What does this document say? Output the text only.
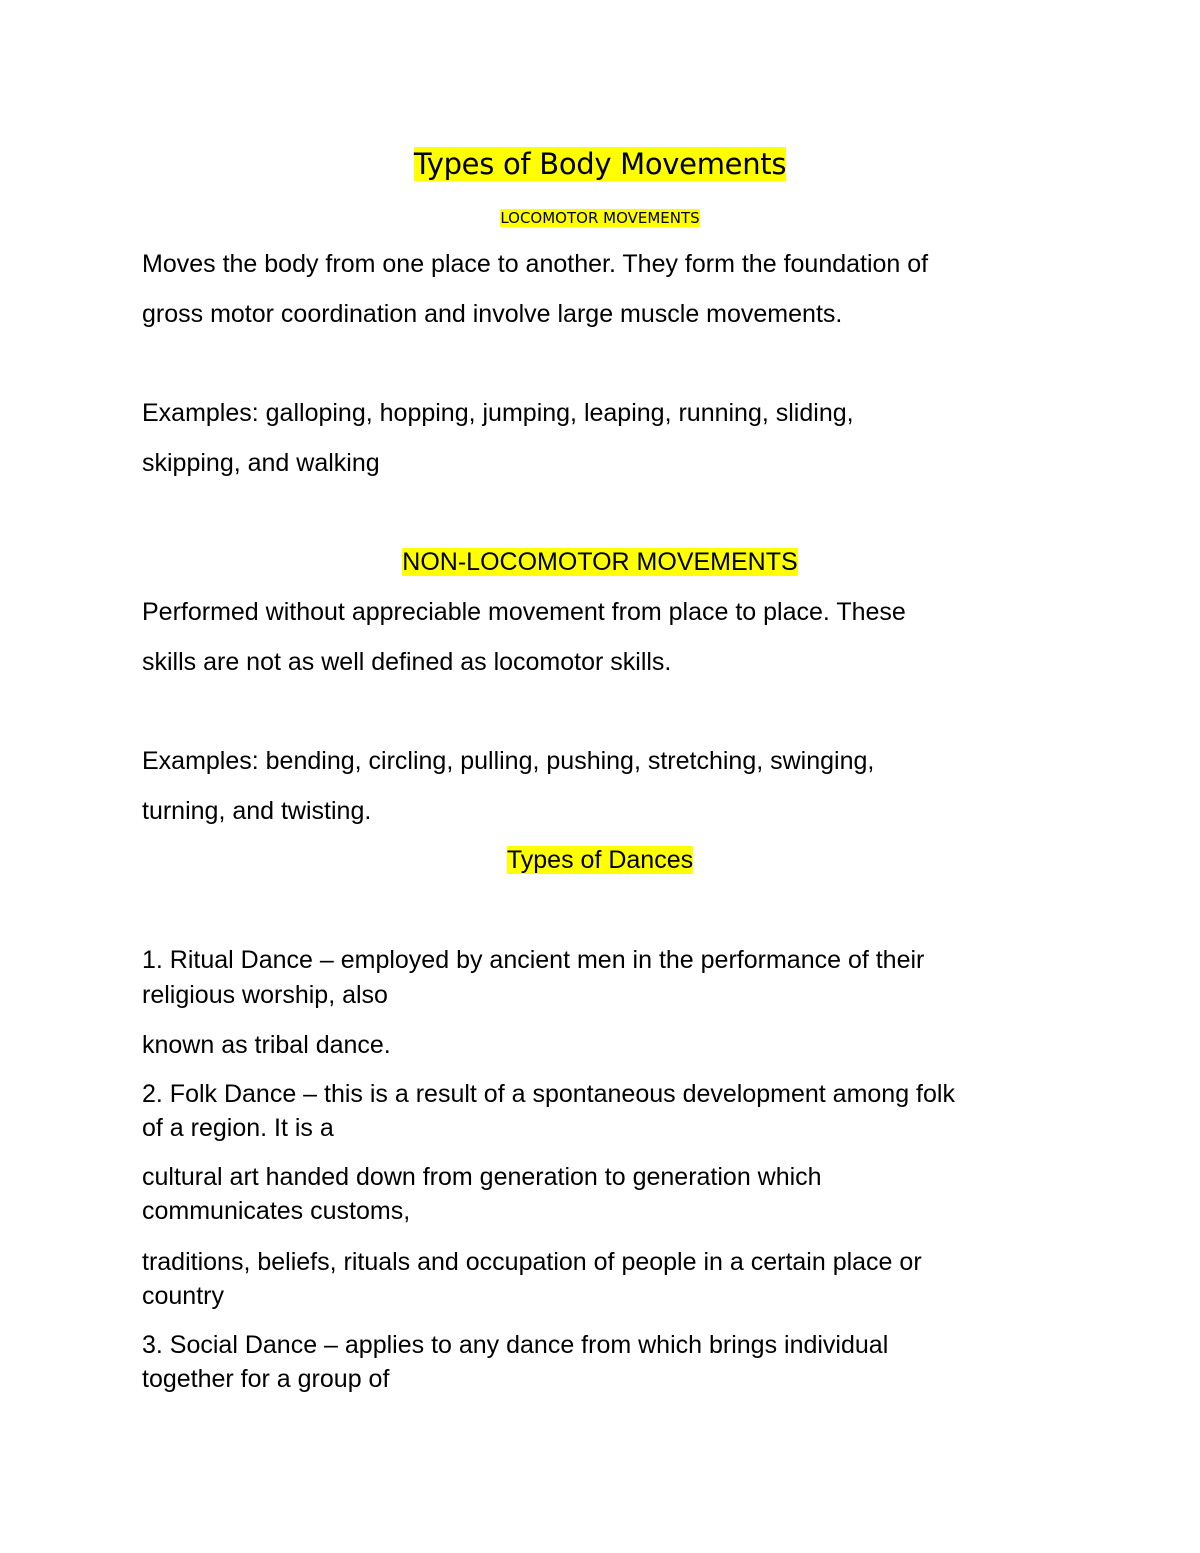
Types of Body Movements
LOCOMOTOR MOVEMENTS
Moves the body from one place to another. They form the foundation of
gross motor coordination and involve large muscle movements.
Examples: galloping, hopping, jumping, leaping, running, sliding,
skipping, and walking
NON-LOCOMOTOR MOVEMENTS
Performed without appreciable movement from place to place. These
skills are not as well defined as locomotor skills.
Examples: bending, circling, pulling, pushing, stretching, swinging,
turning, and twisting.
Types of Dances
1. Ritual Dance – employed by ancient men in the performance of their
religious worship, also
known as tribal dance.
2. Folk Dance – this is a result of a spontaneous development among folk
of a region. It is a
cultural art handed down from generation to generation which
communicates customs,
traditions, beliefs, rituals and occupation of people in a certain place or
country
3. Social Dance – applies to any dance from which brings individual
together for a group of
